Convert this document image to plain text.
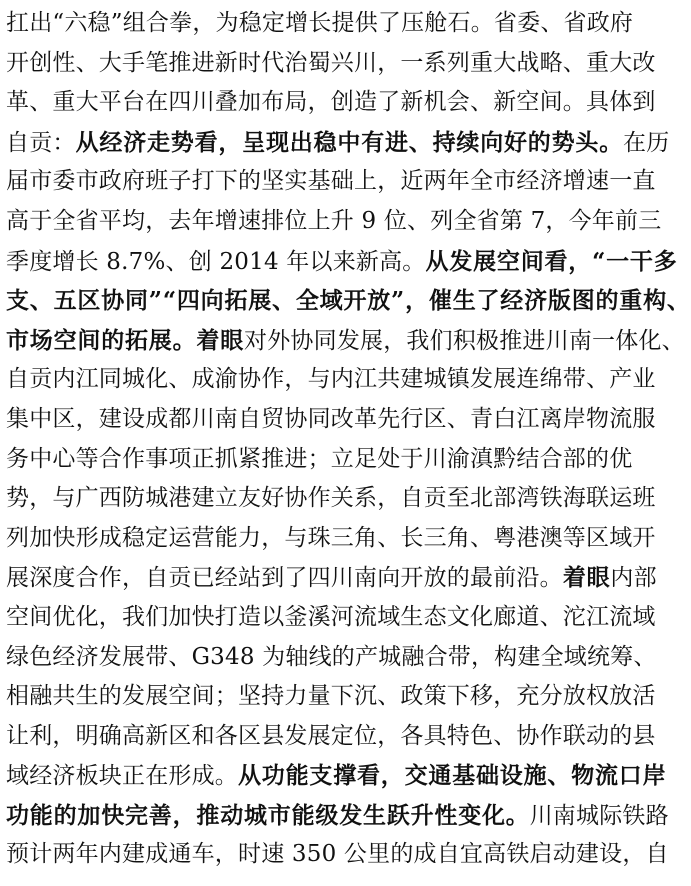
扛出“六稳”组合拳，为稳定增长提供了压舱石。省委、省政府
开创性、大手笔推进新时代治蜀兴川，一系列重大战略、重大改
革、重大平台在四川叠加布局，创造了新机会、新空间。具体到
自贡：从经济走势看，呈现出稳中有进、持续向好的势头。在历
届市委市政府班子打下的坚实基础上，近两年全市经济增速一直
高于全省平均，去年增速排位上升 9 位、列全省第 7，今年前三
季度增长 8.7%、创 2014 年以来新高。从发展空间看，“一干多
支、五区协同”“四向拓展、全域开放”，催生了经济版图的重构、
市场空间的拓展。着眼对外协同发展，我们积极推进川南一体化、
自贡内江同城化、成渝协作，与内江共建城镇发展连绵带、产业
集中区，建设成都川南自贸协同改革先行区、青白江离岸物流服
务中心等合作事项正抓紧推进；立足处于川渝滇黔结合部的优
势，与广西防城港建立友好协作关系，自贡至北部湾铁海联运班
列加快形成稳定运营能力，与珠三角、长三角、粤港澳等区域开
展深度合作，自贡已经站到了四川南向开放的最前沿。着眼内部
空间优化，我们加快打造以釜溪河流域生态文化廊道、沱江流域
绿色经济发展带、G348 为轴线的产城融合带，构建全域统筹、
相融共生的发展空间；坚持力量下沉、政策下移，充分放权放活
让利，明确高新区和各区县发展定位，各具特色、协作联动的县
域经济板块正在形成。从功能支撑看，交通基础设施、物流口岸
功能的加快完善，推动城市能级发生跃升性变化。川南城际铁路
预计两年内建成通车，时速 350 公里的成自宜高铁启动建设，自
